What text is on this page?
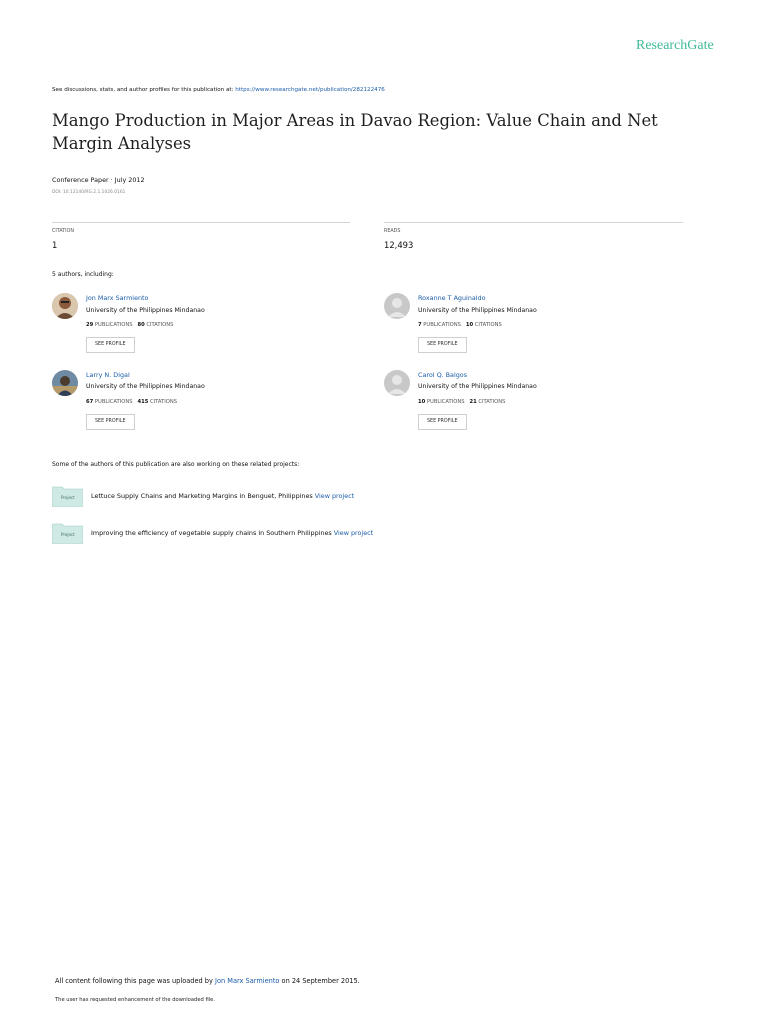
ResearchGate
See discussions, stats, and author profiles for this publication at: https://www.researchgate.net/publication/282122476
Mango Production in Major Areas in Davao Region: Value Chain and Net Margin Analyses
Conference Paper · July 2012
DOI: 10.13140/RG.2.1.1026.0161
CITATION
1
READS
12,493
5 authors, including:
Jon Marx Sarmiento
University of the Philippines Mindanao
29 PUBLICATIONS 80 CITATIONS
SEE PROFILE
Roxanne T Aguinaldo
University of the Philippines Mindanao
7 PUBLICATIONS 10 CITATIONS
SEE PROFILE
Larry N. Digal
University of the Philippines Mindanao
67 PUBLICATIONS 415 CITATIONS
SEE PROFILE
Carol Q. Balgos
University of the Philippines Mindanao
10 PUBLICATIONS 21 CITATIONS
SEE PROFILE
Some of the authors of this publication are also working on these related projects:
Project	Lettuce Supply Chains and Marketing Margins in Benguet, Philippines View project
Project	Improving the efficiency of vegetable supply chains in Southern Philippines View project
All content following this page was uploaded by Jon Marx Sarmiento on 24 September 2015.
The user has requested enhancement of the downloaded file.
